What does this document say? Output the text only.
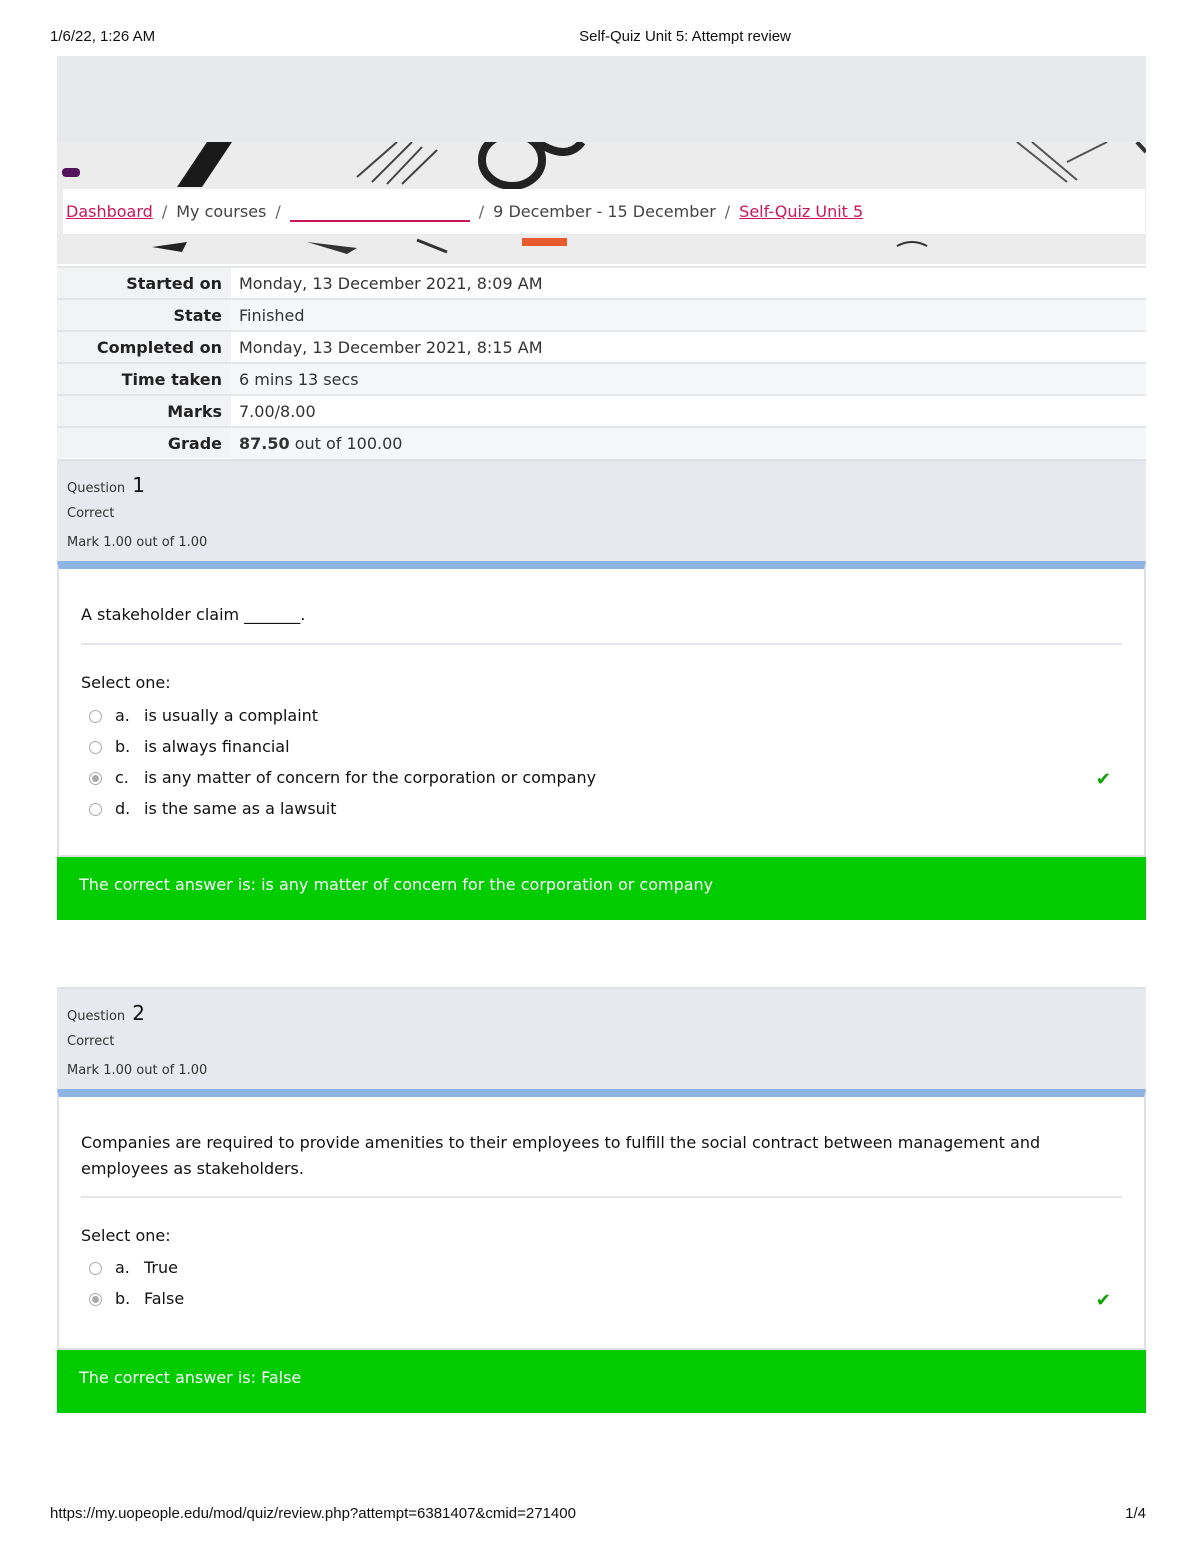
1/6/22, 1:26 AM	Self-Quiz Unit 5: Attempt review
Dashboard / My courses /	/ 9 December - 15 December / Self-Quiz Unit 5
Started on	Monday, 13 December 2021, 8:09 AM
State	Finished
Completed on	Monday, 13 December 2021, 8:15 AM
Time taken	6 mins 13 secs
Marks	7.00/8.00
Grade	87.50 out of 100.00
Question 1
Correct
Mark 1.00 out of 1.00
A stakeholder claim _______.
Select one:
a. is usually a complaint
b. is always financial
c. is any matter of concern for the corporation or company	✔
d. is the same as a lawsuit
The correct answer is: is any matter of concern for the corporation or company
Question 2
Correct
Mark 1.00 out of 1.00
Companies are required to provide amenities to their employees to fulfill the social contract between management and employees as stakeholders.
Select one:
a. True
b. False	✔
The correct answer is: False
https://my.uopeople.edu/mod/quiz/review.php?attempt=6381407&cmid=271400	1/4
